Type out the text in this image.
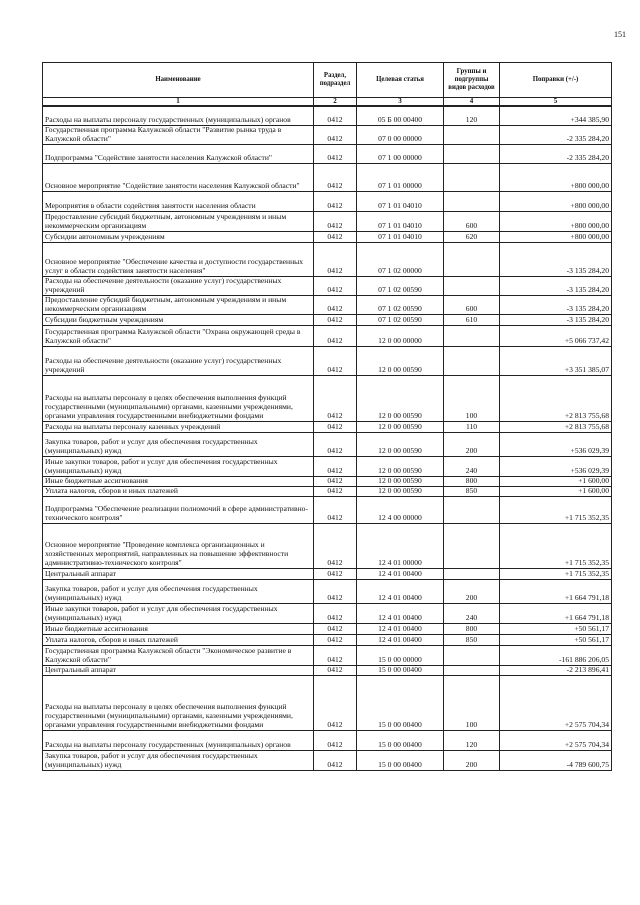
151
Наименование	Раздел, подраздел	Целевая статья	Группы и подгруппы видов расходов	Поправки (+/-)
1	2	3	4	5
Расходы на выплаты персоналу государственных (муниципальных) органов	0412	05 Б 00 00400	120	+344 385,90
Государственная программа Калужской области "Развитие рынка труда в Калужской области"	0412	07 0 00 00000		-2 335 284,20
Подпрограмма "Содействие занятости населения Калужской области"	0412	07 1 00 00000		-2 335 284,20
Основное мероприятие "Содействие занятости населения Калужской области"	0412	07 1 01 00000		+800 000,00
Мероприятия в области содействия занятости населения области	0412	07 1 01 04010		+800 000,00
Предоставление субсидий бюджетным, автономным учреждениям и иным некоммерческим организациям	0412	07 1 01 04010	600	+800 000,00
Субсидии автономным учреждениям	0412	07 1 01 04010	620	+800 000,00
Основное мероприятие "Обеспечение качества и доступности государственных услуг в области содействия занятости населения"	0412	07 1 02 00000		-3 135 284,20
Расходы на обеспечение деятельности (оказание услуг) государственных учреждений	0412	07 1 02 00590		-3 135 284,20
Предоставление субсидий бюджетным, автономным учреждениям и иным некоммерческим организациям	0412	07 1 02 00590	600	-3 135 284,20
Субсидии бюджетным учреждениям	0412	07 1 02 00590	610	-3 135 284,20
Государственная программа Калужской области "Охрана окружающей среды в Калужской области"	0412	12 0 00 00000		+5 066 737,42
Расходы на обеспечение деятельности (оказание услуг) государственных учреждений	0412	12 0 00 00590		+3 351 385,07
Расходы на выплаты персоналу в целях обеспечения выполнения функций государственными (муниципальными) органами, казенными учреждениями, органами управления государственными внебюджетными фондами	0412	12 0 00 00590	100	+2 813 755,68
Расходы на выплаты персоналу казенных учреждений	0412	12 0 00 00590	110	+2 813 755,68
Закупка товаров, работ и услуг для обеспечения государственных (муниципальных) нужд	0412	12 0 00 00590	200	+536 029,39
Иные закупки товаров, работ и услуг для обеспечения государственных (муниципальных) нужд	0412	12 0 00 00590	240	+536 029,39
Иные бюджетные ассигнования	0412	12 0 00 00590	800	+1 600,00
Уплата налогов, сборов и иных платежей	0412	12 0 00 00590	850	+1 600,00
Подпрограмма "Обеспечение реализации полномочий в сфере административно-технического контроля"	0412	12 4 00 00000		+1 715 352,35
Основное мероприятие "Проведение комплекса организационных и хозяйственных мероприятий, направленных на повышение эффективности административно-технического контроля"	0412	12 4 01 00000		+1 715 352,35
Центральный аппарат	0412	12 4 01 00400		+1 715 352,35
Закупка товаров, работ и услуг для обеспечения государственных (муниципальных) нужд	0412	12 4 01 00400	200	+1 664 791,18
Иные закупки товаров, работ и услуг для обеспечения государственных (муниципальных) нужд	0412	12 4 01 00400	240	+1 664 791,18
Иные бюджетные ассигнования	0412	12 4 01 00400	800	+50 561,17
Уплата налогов, сборов и иных платежей	0412	12 4 01 00400	850	+50 561,17
Государственная программа Калужской области "Экономическое развитие в Калужской области"	0412	15 0 00 00000		-161 886 206,05
Центральный аппарат	0412	15 0 00 00400		-2 213 896,41
Расходы на выплаты персоналу в целях обеспечения выполнения функций государственными (муниципальными) органами, казенными учреждениями, органами управления государственными внебюджетными фондами	0412	15 0 00 00400	100	+2 575 704,34
Расходы на выплаты персоналу государственных (муниципальных) органов	0412	15 0 00 00400	120	+2 575 704,34
Закупка товаров, работ и услуг для обеспечения государственных (муниципальных) нужд	0412	15 0 00 00400	200	-4 789 600,75
